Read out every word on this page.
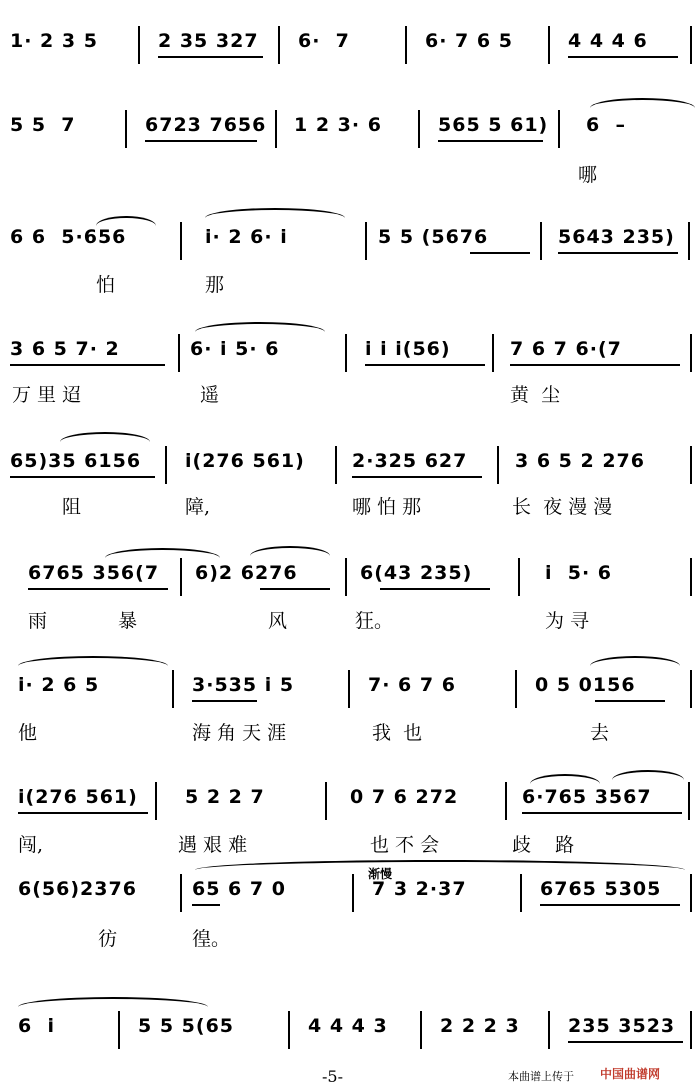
1· 2 3 5	2 35 327 6·  7	6· 7 6 5	4 4 4 6
5 5  7	6723 7656 1 2 3· 6	565 5 61) 6  –
哪
6 6  5·656	i· 2 6· i	5 5 (5676	5643 235)
怕	那
3 6 5 7· 2	6· i 5· 6	i i i(56)	7 6 7 6·(7
万 里 迢	遥	黄  尘
65)35 6156 i(276 561) 2·325 627	3 6 5 2 276
阻	障,	哪 怕 那	长  夜 漫 漫
6765 356(7 6)2 6276	6(43 235)	i  5· 6
雨	暴	风	狂。	为 寻
i· 2 6 5	3·535 i 5	7· 6 7 6	0 5 0156
他	海 角 天 涯	我  也	去
i(276 561) 5 2 2 7	0 7 6 272	6·765 3567
闯,	遇 艰 难	也 不 会	歧    路
渐慢
6(56)2376	65 6 7 0	7 3 2·37	6765 5305
彷	徨。
6  i	5 5 5(65	4 4 4 3	2 2 2 3	235 3523
-5-	本曲谱上传于 中国曲谱网
